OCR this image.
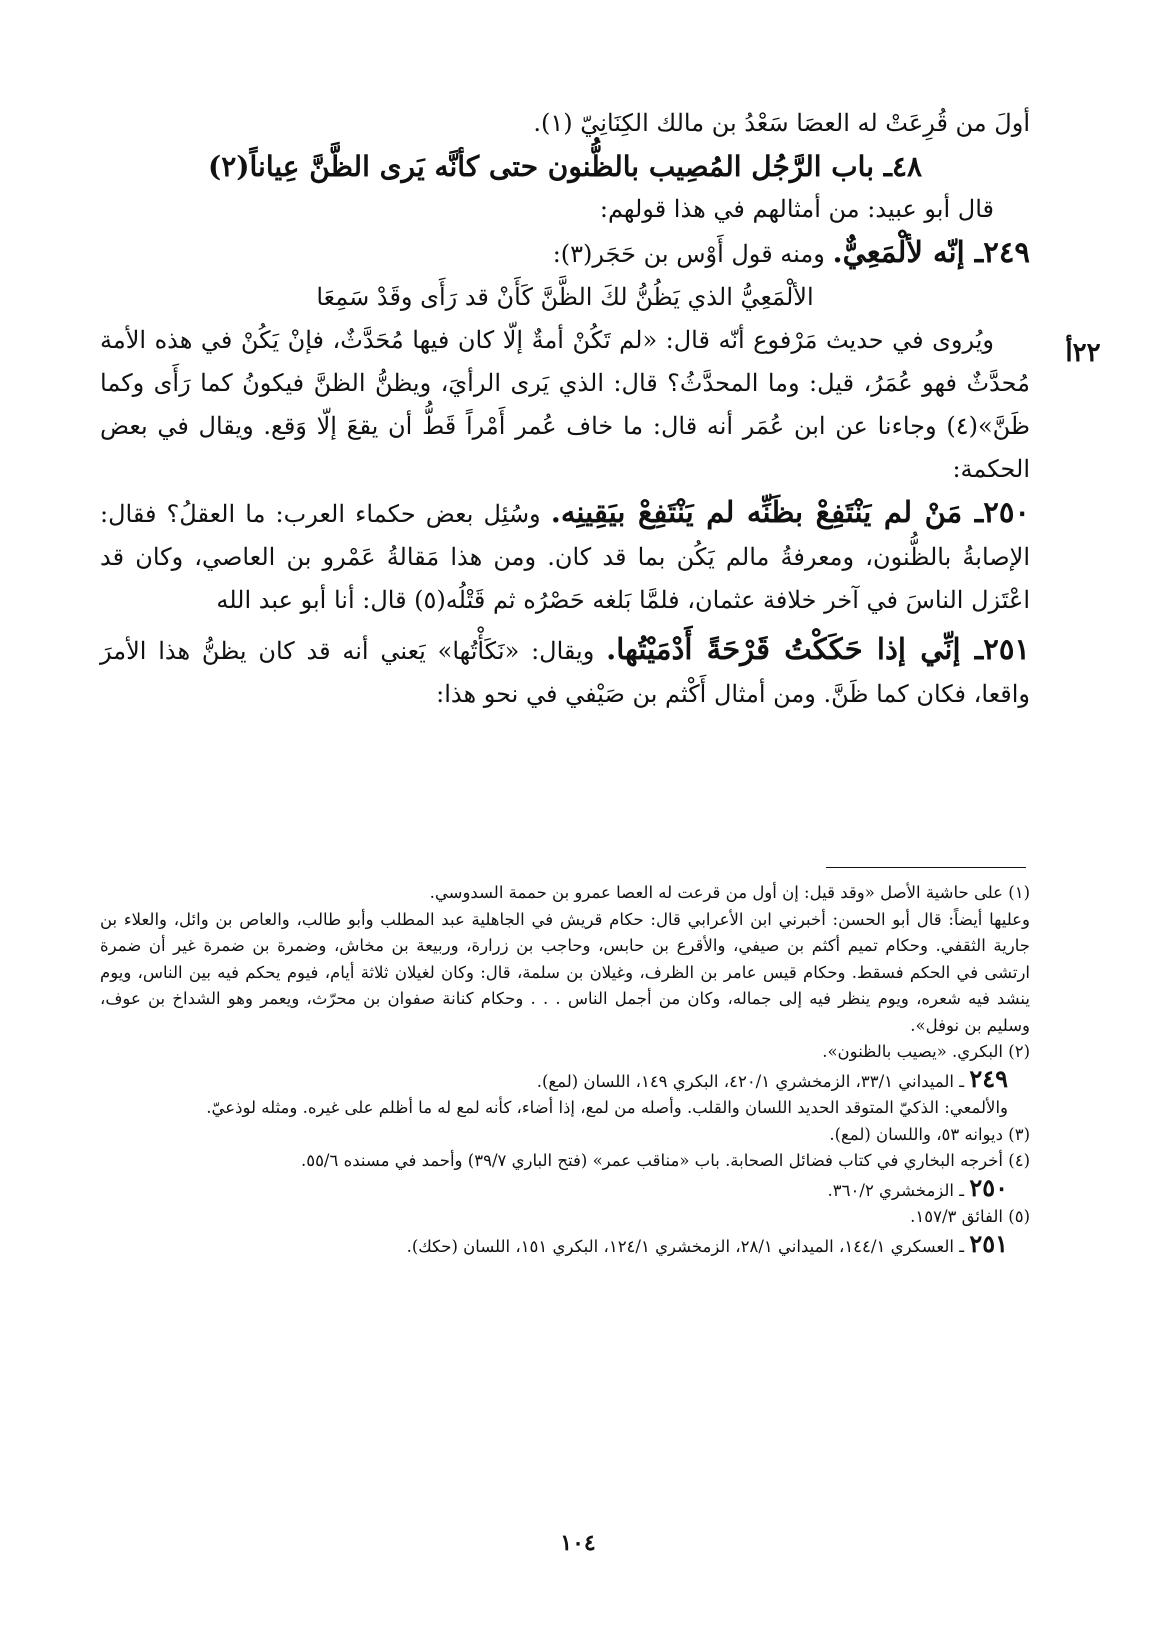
٢٢أ

أولَ من قُرِعَتْ له العصَا سَعْدُ بن مالك الكِنَانِيّ (١).

٤٨ـ باب الرَّجُل المُصِيب بالظُّنون حتى كأنَّه يَرى الظَّنَّ عِياناً(٢)

قال أبو عبيد: من أمثالهم في هذا قولهم:

٢٤٩ـ إنّه لألْمَعِيٌّ. ومنه قول أَوْس بن حَجَر(٣):

الألْمَعِيُّ الذي يَظُنُّ لكَ الظَّنَّ كَأَنْ قد رَأَى وقَدْ سَمِعَا

ويُروى في حديث مَرْفوع أنّه قال: «لم تَكُنْ أمةٌ إلّا كان فيها مُحَدَّثٌ، فإنْ يَكُنْ في هذه الأمة مُحدَّثٌ فهو عُمَرُ، قيل: وما المحدَّثُ؟ قال: الذي يَرى الرأيَ، ويظنُّ الظنَّ فيكونُ كما رَأَى وكما ظَنَّ»(٤) وجاءنا عن ابن عُمَر أنه قال: ما خاف عُمر أَمْراً قَطُّ أن يقعَ إلّا وَقع. ويقال في بعض الحكمة:

٢٥٠ـ مَنْ لم يَنْتَفِعْ بظَنِّه لم يَنْتَفِعْ بيَقِينِه. وسُئِل بعض حكماء العرب: ما العقلُ؟ فقال: الإصابةُ بالظُّنون، ومعرفةُ مالم يَكُن بما قد كان. ومن هذا مَقالةُ عَمْرو بن العاصي، وكان قد اعْتَزل الناسَ في آخر خلافة عثمان، فلمَّا بَلغه حَصْرُه ثم قَتْلُه(٥) قال: أنا أبو عبد الله

٢٥١ـ إنِّي إذا حَكَكْتُ قَرْحَةً أَدْمَيْتُها. ويقال: «نَكَأْتُها» يَعني أنه قد كان يظنُّ هذا الأمرَ واقعا، فكان كما ظَنَّ. ومن أمثال أَكْثم بن صَيْفي في نحو هذا:

(١) على حاشية الأصل «وقد قيل: إن أول من قرعت له العصا عمرو بن حممة السدوسي.

وعليها أيضاً: قال أبو الحسن: أخبرني ابن الأعرابي قال: حكام قريش في الجاهلية عبد المطلب وأبو طالب، والعاص بن وائل، والعلاء بن جارية الثقفي. وحكام تميم أكثم بن صيفي، والأقرع بن حابس، وحاجب بن زرارة، وربيعة بن مخاش، وضمرة بن ضمرة غير أن ضمرة ارتشى في الحكم فسقط. وحكام قيس عامر بن الظرف، وغيلان بن سلمة، قال: وكان لغيلان ثلاثة أيام، فيوم يحكم فيه بين الناس، ويوم ينشد فيه شعره، ويوم ينظر فيه إلى جماله، وكان من أجمل الناس . . . وحكام كنانة صفوان بن محرّث، ويعمر وهو الشداخ بن عوف، وسليم بن نوفل».

(٢) البكري. «يصيب بالظنون».

٢٤٩ ـ الميداني ٣٣/١، الزمخشري ٤٢٠/١، البكري ١٤٩، اللسان (لمع).

والألمعي: الذكيّ المتوقد الحديد اللسان والقلب. وأصله من لمع، إذا أضاء، كأنه لمع له ما أظلم على غيره. ومثله لوذعيّ.

(٣) ديوانه ٥٣، واللسان (لمع).

(٤) أخرجه البخاري في كتاب فضائل الصحابة. باب «مناقب عمر» (فتح الباري ٣٩/٧) وأحمد في مسنده ٥٥/٦.

٢٥٠ ـ الزمخشري ٣٦٠/٢.

(٥) الفائق ١٥٧/٣.

٢٥١ ـ العسكري ١٤٤/١، الميداني ٢٨/١، الزمخشري ١٢٤/١، البكري ١٥١، اللسان (حكك).

١٠٤
